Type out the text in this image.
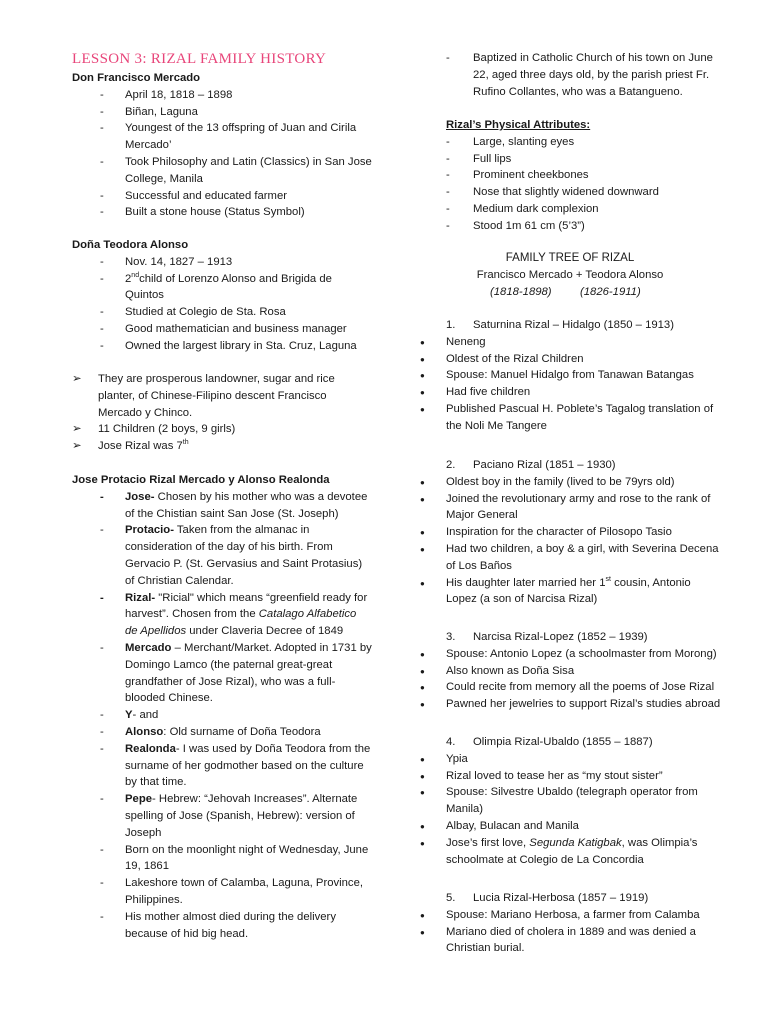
LESSON 3: RIZAL FAMILY HISTORY
Don Francisco Mercado
- April 18, 1818 – 1898
- Biñan, Laguna
- Youngest of the 13 offspring of Juan and Cirila
Mercado’
- Took Philosophy and Latin (Classics) in San Jose
College, Manila
- Successful and educated farmer
- Built a stone house (Status Symbol)
Doña Teodora Alonso
- Nov. 14, 1827 – 1913
- 2ndchild of Lorenzo Alonso and Brigida de
Quintos
- Studied at Colegio de Sta. Rosa
- Good mathematician and business manager
- Owned the largest library in Sta. Cruz, Laguna
➢ They are prosperous landowner, sugar and rice
planter, of Chinese-Filipino descent Francisco
Mercado y Chinco.
➢ 11 Children (2 boys, 9 girls)
➢ Jose Rizal was 7th
Jose Protacio Rizal Mercado y Alonso Realonda
- Jose- Chosen by his mother who was a devotee
of the Chistian saint San Jose (St. Joseph)
- Protacio- Taken from the almanac in
consideration of the day of his birth. From
Gervacio P. (St. Gervasius and Saint Protasius)
of Christian Calendar.
- Rizal- "Ricial" which means “greenfield ready for
harvest”. Chosen from the Catalago Alfabetico
de Apellidos under Claveria Decree of 1849
- Mercado – Merchant/Market. Adopted in 1731 by
Domingo Lamco (the paternal great-great
grandfather of Jose Rizal), who was a full-
blooded Chinese.
- Y- and
- Alonso: Old surname of Doña Teodora
- Realonda- I was used by Doña Teodora from the
surname of her godmother based on the culture
by that time.
- Pepe- Hebrew: “Jehovah Increases”. Alternate
spelling of Jose (Spanish, Hebrew): version of
Joseph
- Born on the moonlight night of Wednesday, June
19, 1861
- Lakeshore town of Calamba, Laguna, Province,
Philippines.
- His mother almost died during the delivery
because of hid big head.
- Baptized in Catholic Church of his town on June
22, aged three days old, by the parish priest Fr.
Rufino Collantes, who was a Batangueno.
Rizal’s Physical Attributes:
- Large, slanting eyes
- Full lips
- Prominent cheekbones
- Nose that slightly widened downward
- Medium dark complexion
- Stood 1m 61 cm (5’3”)
FAMILY TREE OF RIZAL
Francisco Mercado + Teodora Alonso
(1818-1898)	(1826-1911)
1. Saturnina Rizal – Hidalgo (1850 – 1913)
● Neneng
● Oldest of the Rizal Children
● Spouse: Manuel Hidalgo from Tanawan Batangas
● Had five children
● Published Pascual H. Poblete’s Tagalog translation of
the Noli Me Tangere
2. Paciano Rizal (1851 – 1930)
● Oldest boy in the family (lived to be 79yrs old)
● Joined the revolutionary army and rose to the rank of
Major General
● Inspiration for the character of Pilosopo Tasio
● Had two children, a boy & a girl, with Severina Decena
of Los Baños
● His daughter later married her 1st cousin, Antonio
Lopez (a son of Narcisa Rizal)
3. Narcisa Rizal-Lopez (1852 – 1939)
● Spouse: Antonio Lopez (a schoolmaster from Morong)
● Also known as Doña Sisa
● Could recite from memory all the poems of Jose Rizal
● Pawned her jewelries to support Rizal’s studies abroad
4. Olimpia Rizal-Ubaldo (1855 – 1887)
● Ypia
● Rizal loved to tease her as “my stout sister”
● Spouse: Silvestre Ubaldo (telegraph operator from
Manila)
● Albay, Bulacan and Manila
● Jose’s first love, Segunda Katigbak, was Olimpia’s
schoolmate at Colegio de La Concordia
5. Lucia Rizal-Herbosa (1857 – 1919)
● Spouse: Mariano Herbosa, a farmer from Calamba
● Mariano died of cholera in 1889 and was denied a
Christian burial.
